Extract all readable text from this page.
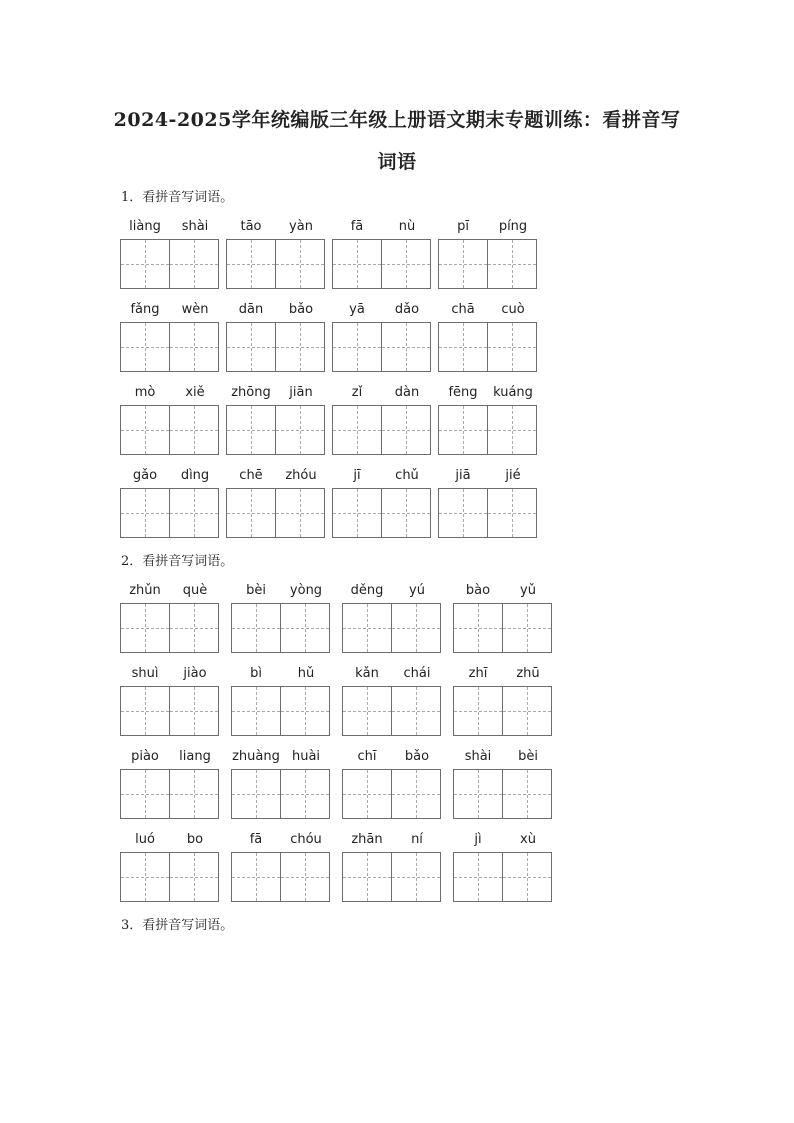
2024-2025学年统编版三年级上册语文期末专题训练：看拼音写
词语
1．看拼音写词语。
2．看拼音写词语。
3．看拼音写词语。
liàng	shài	tāo	yàn	fā	nù	pī	píng
fǎng	wèn	dān	bǎo	yā	dǎo	chā	cuò
mò	xiě	zhōng	jiān	zǐ	dàn	fēng	kuáng
gǎo	dìng	chē	zhóu	jī	chǔ	jiā	jié
zhǔn	què	bèi	yòng	děng	yú	bào	yǔ
shuì	jiào	bì	hǔ	kǎn	chái	zhī	zhū
piào	liang	zhuàng huài	chī	bǎo	shài	bèi
luó	bo	fā	chóu	zhān	ní	jì	xù
